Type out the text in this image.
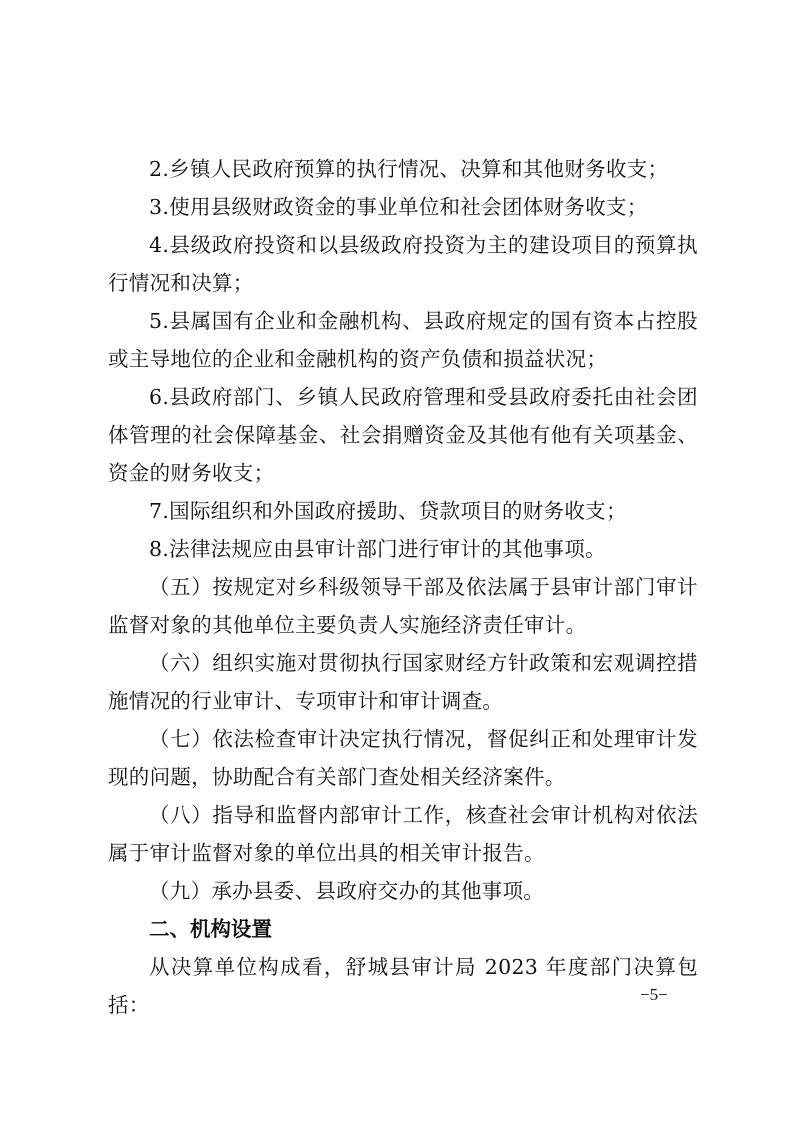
2.乡镇人民政府预算的执行情况、决算和其他财务收支；

3.使用县级财政资金的事业单位和社会团体财务收支；

4.县级政府投资和以县级政府投资为主的建设项目的预算执行情况和决算；

5.县属国有企业和金融机构、县政府规定的国有资本占控股或主导地位的企业和金融机构的资产负债和损益状况；

6.县政府部门、乡镇人民政府管理和受县政府委托由社会团体管理的社会保障基金、社会捐赠资金及其他有他有关项基金、资金的财务收支；

7.国际组织和外国政府援助、贷款项目的财务收支；

8.法律法规应由县审计部门进行审计的其他事项。

（五）按规定对乡科级领导干部及依法属于县审计部门审计监督对象的其他单位主要负责人实施经济责任审计。

（六）组织实施对贯彻执行国家财经方针政策和宏观调控措施情况的行业审计、专项审计和审计调查。

（七）依法检查审计决定执行情况，督促纠正和处理审计发现的问题，协助配合有关部门查处相关经济案件。

（八）指导和监督内部审计工作，核查社会审计机构对依法属于审计监督对象的单位出具的相关审计报告。

（九）承办县委、县政府交办的其他事项。

二、机构设置

从决算单位构成看，舒城县审计局 2023 年度部门决算包括：	−5−
